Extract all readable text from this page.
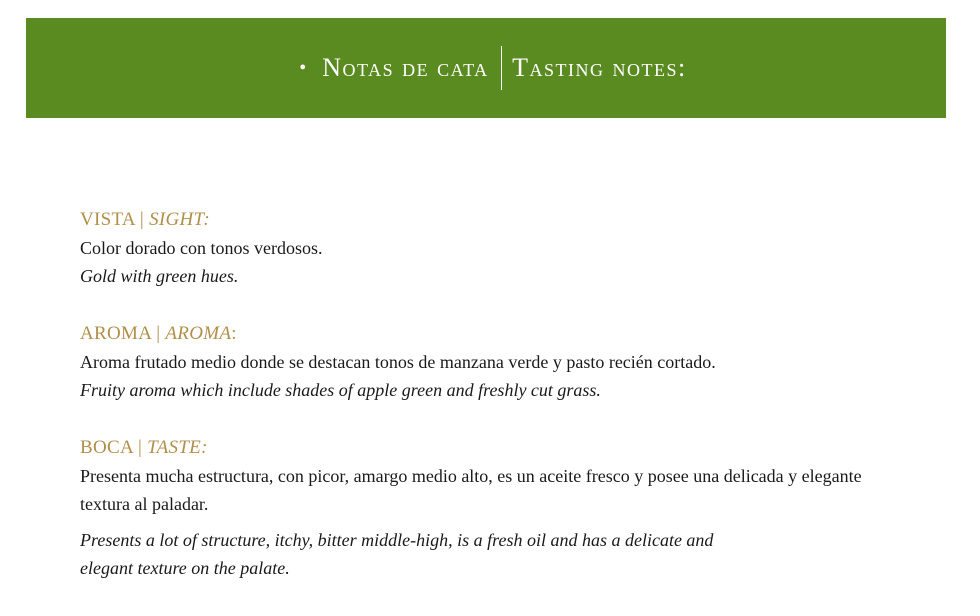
• Notas de cata Tasting notes:
VISTA | SIGHT:
Color dorado con tonos verdosos.
Gold with green hues.
AROMA | AROMA:
Aroma frutado medio donde se destacan tonos de manzana verde y pasto recién cortado.
Fruity aroma which include shades of apple green and freshly cut grass.
BOCA | TASTE:
Presenta mucha estructura, con picor, amargo medio alto, es un aceite fresco y posee una delicada y elegante textura al paladar.
Presents a lot of structure, itchy, bitter middle-high, is a fresh oil and has a delicate and elegant texture on the palate.
